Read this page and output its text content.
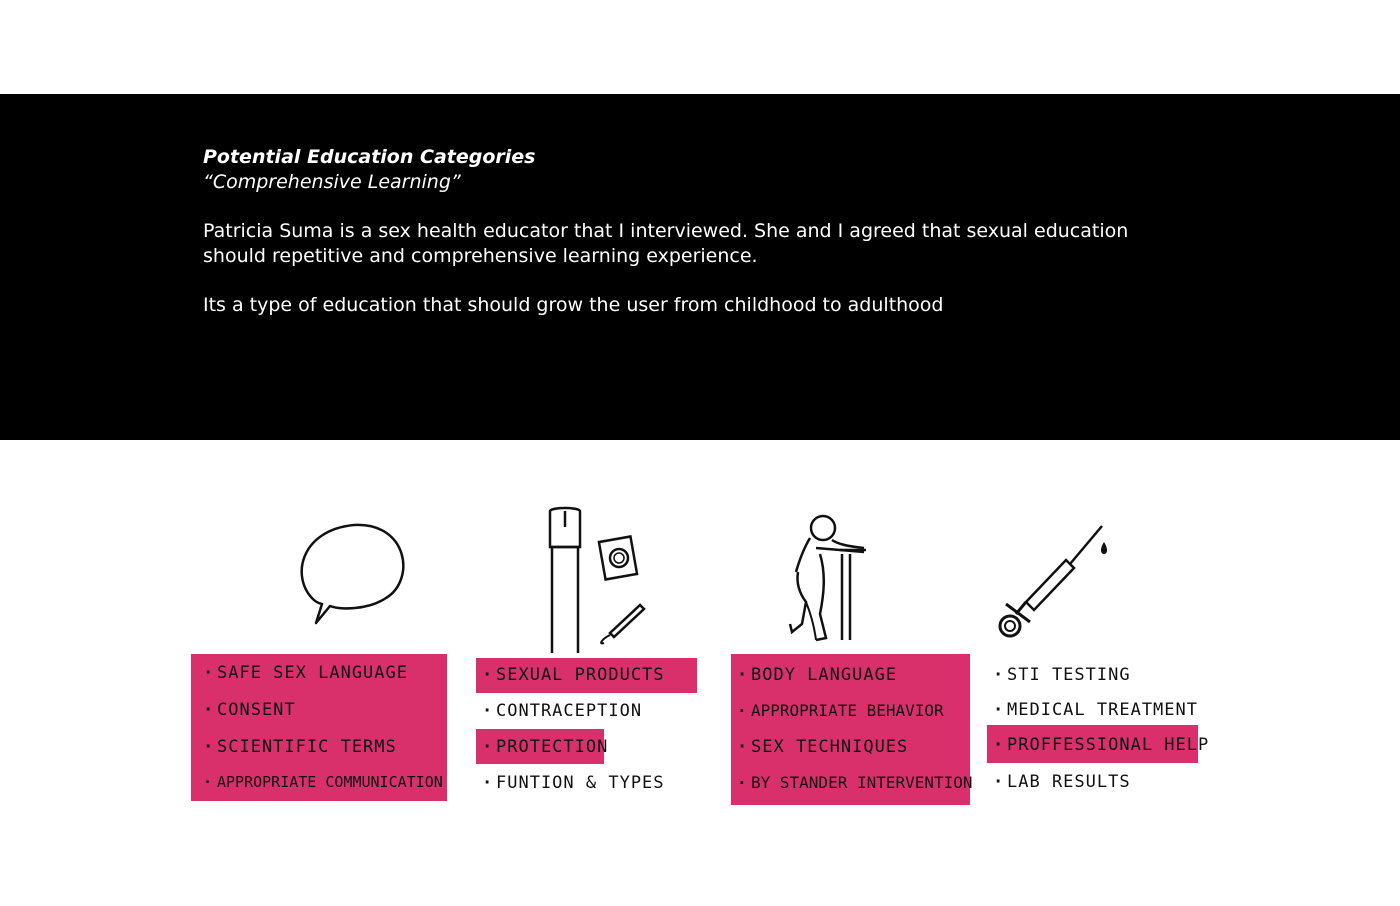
Potential Education Categories

“Comprehensive Learning”

Patricia Suma is a sex health educator that I interviewed. She and I agreed that sexual education should repetitive and comprehensive learning experience.

Its a type of education that should grow the user from childhood to adulthood

· SAFE SEX LANGUAGE
· CONSENT
· SCIENTIFIC TERMS
· APPROPRIATE COMMUNICATION
· SEXUAL PRODUCTS
· CONTRACEPTION
· PROTECTION
· FUNTION & TYPES
· BODY LANGUAGE
· APPROPRIATE BEHAVIOR
· SEX TECHNIQUES
· BY STANDER INTERVENTION
· STI TESTING
· MEDICAL TREATMENT
· PROFFESSIONAL HELP
· LAB RESULTS
